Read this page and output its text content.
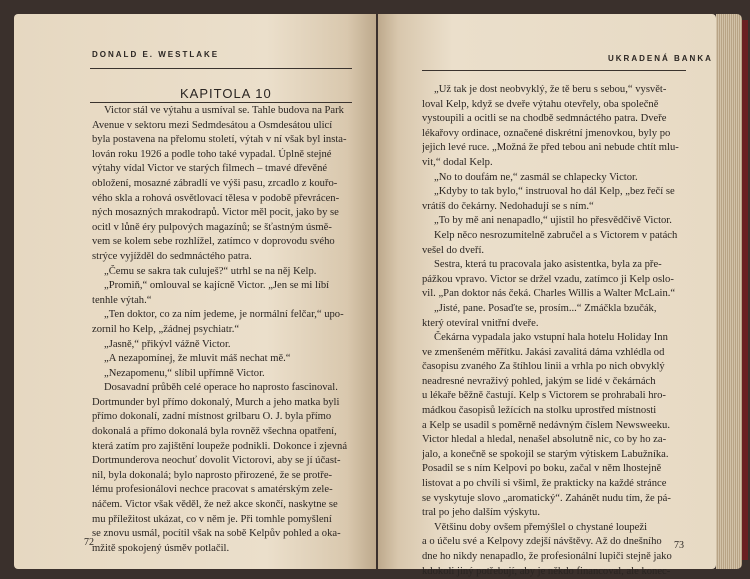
DONALD E. WESTLAKE
KAPITOLA 10
Victor stál ve výtahu a usmíval se. Tahle budova na Park
Avenue v sektoru mezi Sedmdesátou a Osmdesátou ulicí
byla postavena na přelomu století, výtah v ní však byl insta-
lován roku 1926 a podle toho také vypadal. Úplně stejné
výtahy vídal Victor ve starých filmech – tmavé dřevěné
obložení, mosazné zábradlí ve výši pasu, zrcadlo z kouřo-
vého skla a rohová osvětlovací tělesa v podobě převrácen-
ných mosazných mrakodrapů. Victor měl pocit, jako by se
ocitl v lůně éry pulpových magazínů; se šťastným úsmě-
vem se kolem sebe rozhlížel, zatímco v doprovodu svého
strýce vyjížděl do sedmnáctého patra.
„Čemu se sakra tak culuješ?“ utrhl se na něj Kelp.
„Promiň,“ omlouval se kajícně Victor. „Jen se mi líbí
tenhle výtah.“
„Ten doktor, co za ním jedeme, je normální felčar,“ upo-
zornil ho Kelp, „žádnej psychiatr.“
„Jasně,“ přikývl vážně Victor.
„A nezapomínej, že mluvit máš nechat mě.“
„Nezapomenu,“ slíbil upřímně Victor.
Dosavadní průběh celé operace ho naprosto fascinoval.
Dortmunder byl přímo dokonalý, Murch a jeho matka byli
přímo dokonalí, zadní místnost grilbaru O. J. byla přímo
dokonalá a přímo dokonalá byla rovněž všechna opatření,
která zatím pro zajištění loupeže podnikli. Dokonce i zjevná
Dortmunderova neochuť dovolit Victorovi, aby se jí účast-
nil, byla dokonalá; bylo naprosto přirozené, že se protře-
lému profesionálovi nechce pracovat s amatérským zele-
náčem. Victor však věděl, že než akce skončí, naskytne se
mu příležitost ukázat, co v něm je. Při tomhle pomyšlení
se znovu usmál, pocítil však na sobě Kelpův pohled a oka-
mžitě spokojený úsměv potlačil.
72
UKRADENÁ BANKA
„Už tak je dost neobvyklý, že tě beru s sebou,“ vysvět-
loval Kelp, když se dveře výtahu otevřely, oba společně
vystoupili a ocitli se na chodbě sedmnáctého patra. Dveře
lékařovy ordinace, označené diskrétní jmenovkou, byly po
jejich levé ruce. „Možná že před tebou ani nebude chtít mlu-
vit,“ dodal Kelp.
„No to doufám ne,“ zasmál se chlapecky Victor.
„Kdyby to tak bylo,“ instruoval ho dál Kelp, „bez řečí se
vrátíš do čekárny. Nedohadují se s ním.“
„To by mě ani nenapadlo,“ ujistil ho přesvědčivě Victor.
Kelp něco nesrozumitelně zabručel a s Victorem v patách
vešel do dveří.
Sestra, která tu pracovala jako asistentka, byla za pře-
pážkou vpravo. Victor se držel vzadu, zatímco ji Kelp oslo-
vil. „Pan doktor nás čeká. Charles Willis a Walter McLain.“
„Jisté, pane. Posaďte se, prosím...“ Zmáčkla bzučák,
který otevíral vnitřní dveře.
Čekárna vypadala jako vstupní hala hotelu Holiday Inn
ve zmenšeném měřítku. Jakási zavalitá dáma vzhlédla od
časopisu zvaného Za štíhlou linii a vrhla po nich obvyklý
neadresné nevraživý pohled, jakým se lidé v čekárnách
u lékaře běžně častují. Kelp s Victorem se prohrabali hro-
mádkou časopisů ležících na stolku uprostřed místnosti
a Kelp se usadil s poměrně nedávným číslem Newsweeku.
Victor hledal a hledal, nenašel absolutně nic, co by ho za-
jalo, a konečně se spokojil se starým výtiskem Labužníka.
Posadil se s ním Kelpovi po boku, začal v něm lhostejně
listovat a po chvíli si všiml, že prakticky na každé stránce
se vyskytuje slovo „aromatický“. Zahánět nudu tím, že pá-
tral po jeho dalším výskytu.
Většinu doby ovšem přemýšlel o chystané loupeži
a o účelu své a Kelpovy zdejší návštěvy. Až do dnešního
dne ho nikdy nenapadlo, že profesionální lupiči stejně jako
kdokoli jiný potřebují, aby je někdo financoval, ale konec-
73
